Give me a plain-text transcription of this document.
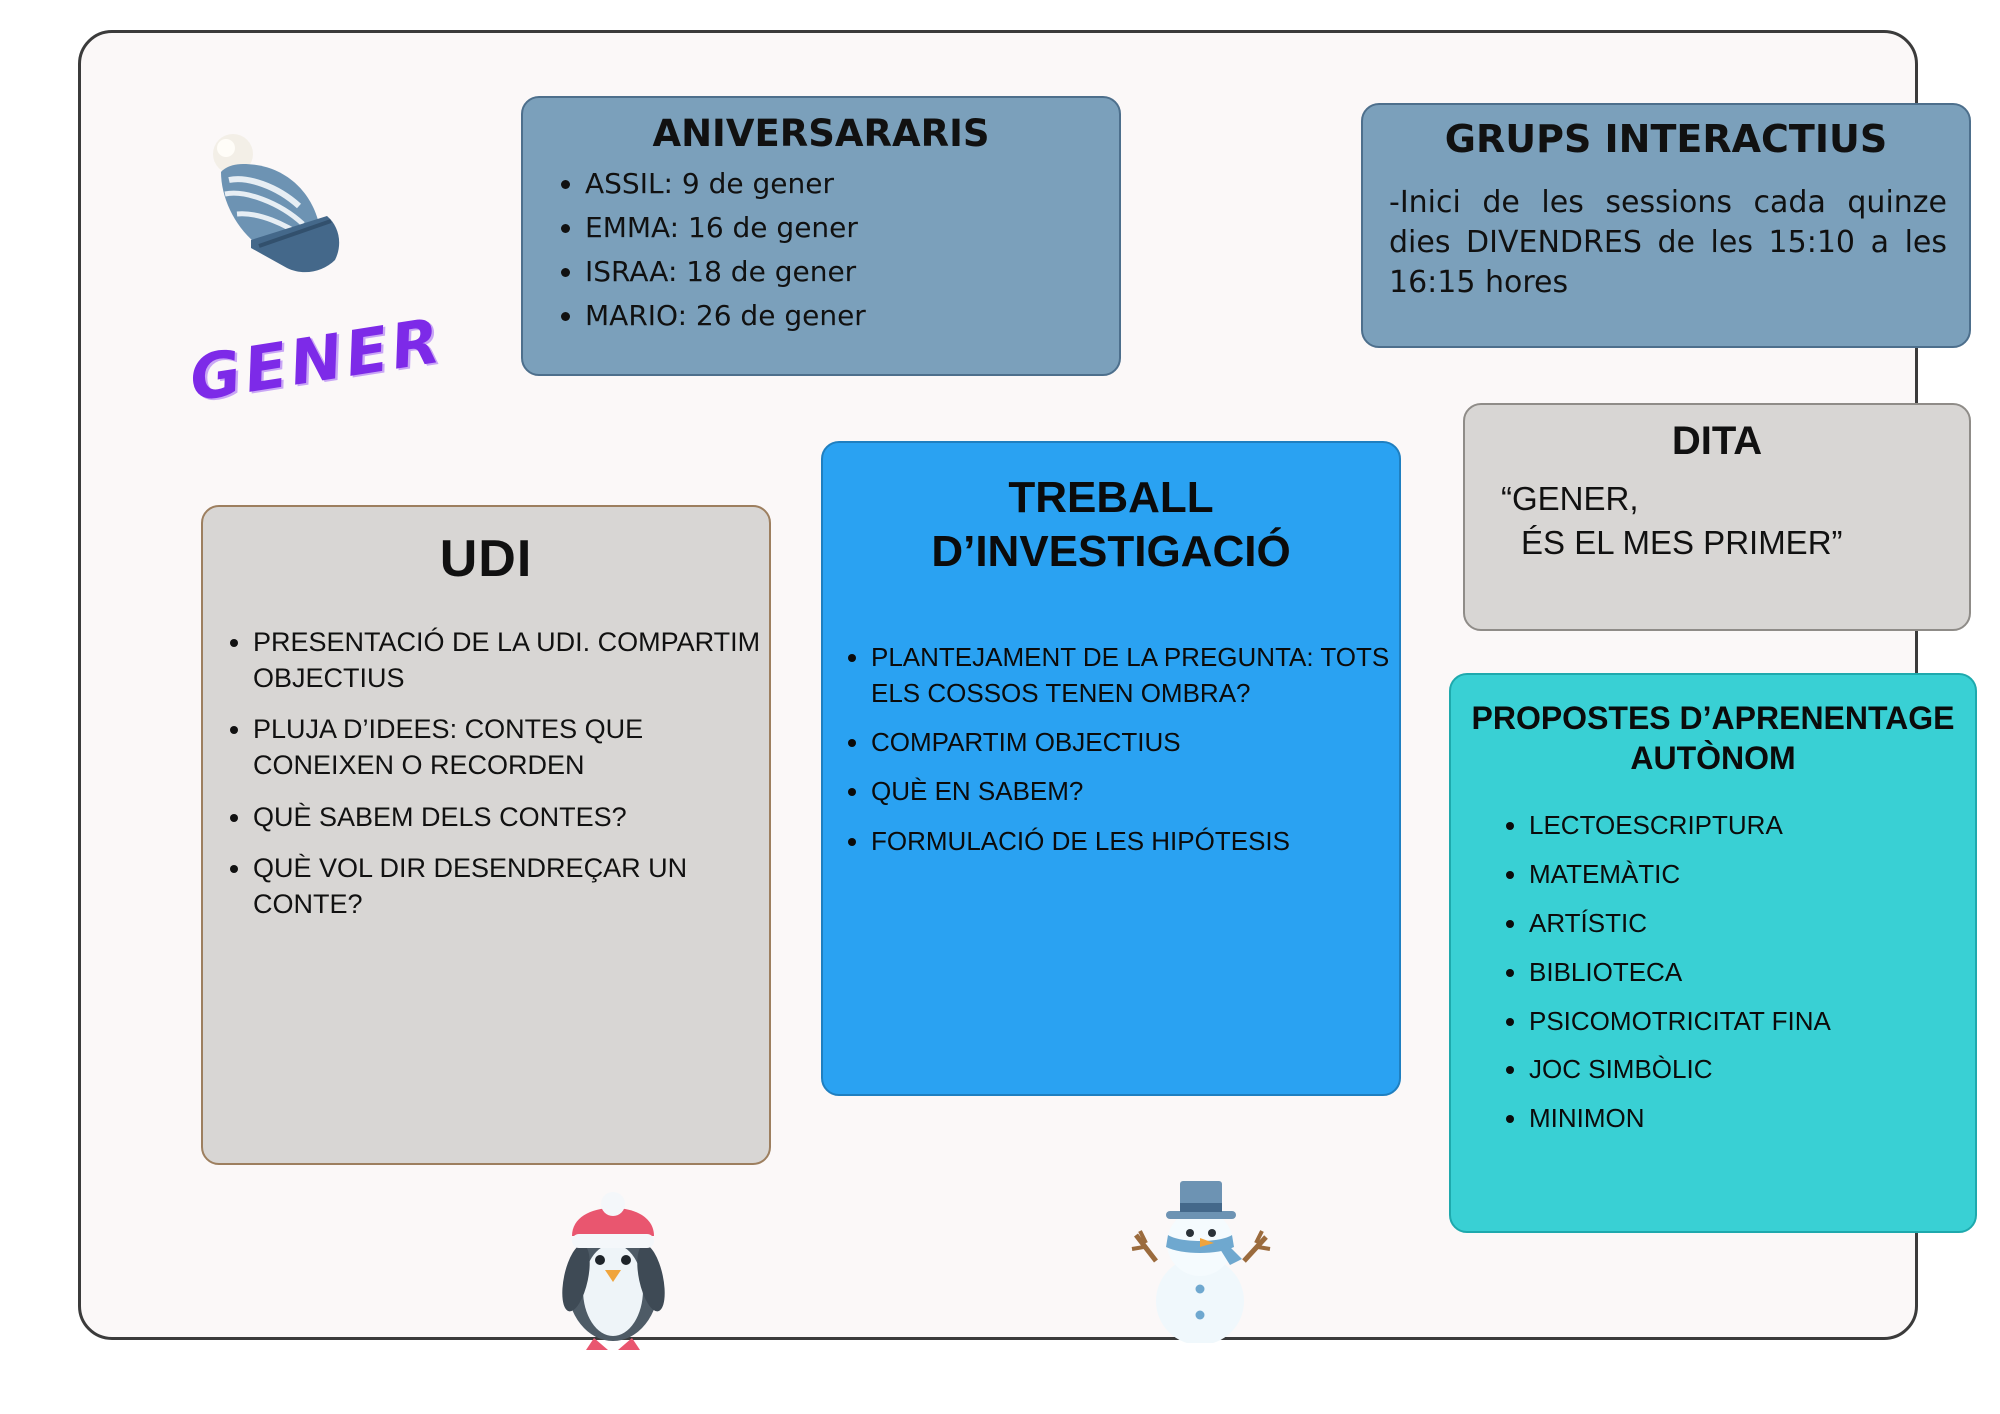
GENER
ANIVERSARARIS
• ASSIL: 9 de gener
• EMMA: 16 de gener
• ISRAA: 18 de gener
• MARIO: 26 de gener
GRUPS INTERACTIUS

-Inici de les sessions cada quinze dies DIVENDRES de les 15:10 a les 16:15 hores

DITA
“GENER,
ÉS EL MES PRIMER”
UDI
• PRESENTACIÓ DE LA UDI. COMPARTIM OBJECTIUS
• PLUJA D’IDEES: CONTES QUE CONEIXEN O RECORDEN
• QUÈ SABEM DELS CONTES?
• QUÈ VOL DIR DESENDREÇAR UN CONTE?
TREBALL
D’INVESTIGACIÓ
• PLANTEJAMENT DE LA PREGUNTA: TOTS ELS COSSOS TENEN OMBRA?
• COMPARTIM OBJECTIUS
• QUÈ EN SABEM?
• FORMULACIÓ DE LES HIPÓTESIS
PROPOSTES D’APRENENTAGE
AUTÒNOM
• LECTOESCRIPTURA
• MATEMÀTIC
• ARTÍSTIC
• BIBLIOTECA
• PSICOMOTRICITAT FINA
• JOC SIMBÒLIC
• MINIMON
